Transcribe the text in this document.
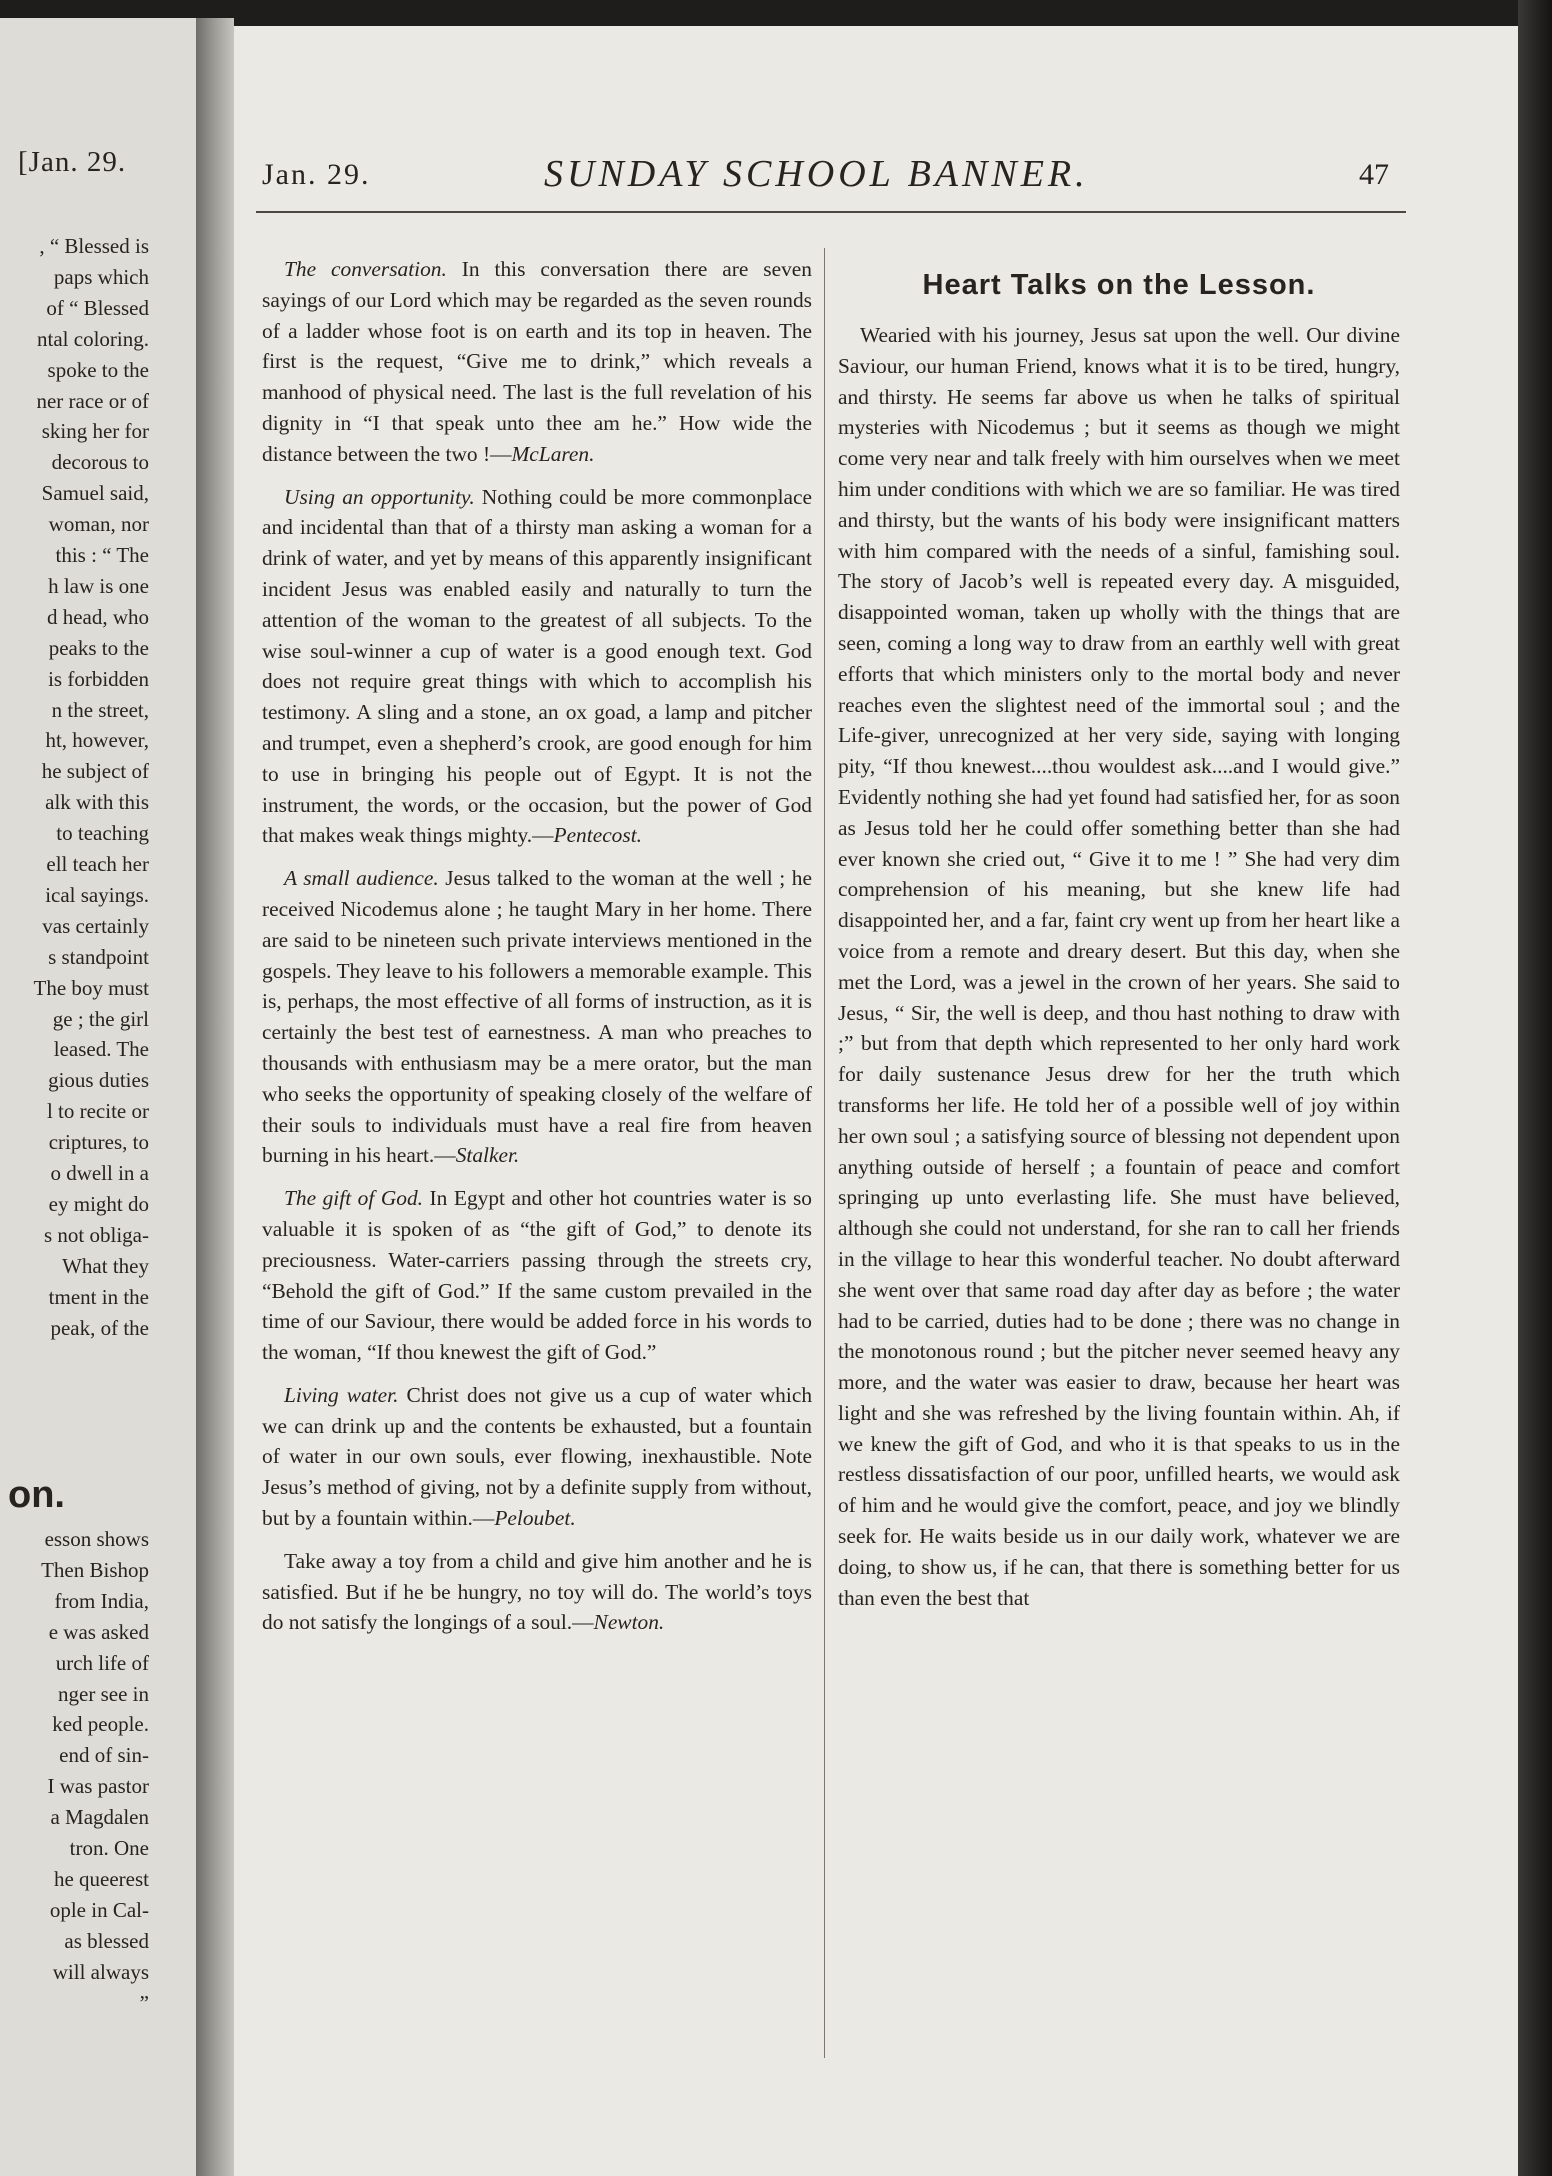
[Jan. 29.
, “ Blessed is
paps which
of “ Blessed
ntal coloring.
spoke to the
ner race or of
sking her for
decorous to
Samuel said,
woman, nor
this : “ The
h law is one
d head, who
peaks to the
is forbidden
n the street,
ht, however,
he subject of
alk with this
to teaching
ell teach her
ical sayings.
vas certainly
s standpoint
The boy must
ge ; the girl
leased. The
gious duties
l to recite or
criptures, to
o dwell in a
ey might do
s not obliga-
What they
tment in the
peak, of the
on.
esson shows
Then Bishop
from India,
e was asked
urch life of
nger see in
ked people.
end of sin-
I was pastor
a Magdalen
tron. One
he queerest
ople in Cal-
as blessed
will always
”
Jan. 29.	SUNDAY SCHOOL BANNER.	47

The conversation. In this conversation there are seven sayings of our Lord which may be regarded as the seven rounds of a ladder whose foot is on earth and its top in heaven. The first is the request, “Give me to drink,” which reveals a manhood of physical need. The last is the full revelation of his dignity in “I that speak unto thee am he.” How wide the distance between the two !—McLaren.

Using an opportunity. Nothing could be more commonplace and incidental than that of a thirsty man asking a woman for a drink of water, and yet by means of this apparently insignificant incident Jesus was enabled easily and naturally to turn the attention of the woman to the greatest of all subjects. To the wise soul-winner a cup of water is a good enough text. God does not require great things with which to accomplish his testimony. A sling and a stone, an ox goad, a lamp and pitcher and trumpet, even a shepherd’s crook, are good enough for him to use in bringing his people out of Egypt. It is not the instrument, the words, or the occasion, but the power of God that makes weak things mighty.—Pentecost.

A small audience. Jesus talked to the woman at the well ; he received Nicodemus alone ; he taught Mary in her home. There are said to be nineteen such private interviews mentioned in the gospels. They leave to his followers a memorable example. This is, perhaps, the most effective of all forms of instruction, as it is certainly the best test of earnestness. A man who preaches to thousands with enthusiasm may be a mere orator, but the man who seeks the opportunity of speaking closely of the welfare of their souls to individuals must have a real fire from heaven burning in his heart.—Stalker.

The gift of God. In Egypt and other hot countries water is so valuable it is spoken of as “the gift of God,” to denote its preciousness. Water-carriers passing through the streets cry, “Behold the gift of God.” If the same custom prevailed in the time of our Saviour, there would be added force in his words to the woman, “If thou knewest the gift of God.”

Living water. Christ does not give us a cup of water which we can drink up and the contents be exhausted, but a fountain of water in our own souls, ever flowing, inexhaustible. Note Jesus’s method of giving, not by a definite supply from without, but by a fountain within.—Peloubet.

Take away a toy from a child and give him another and he is satisfied. But if he be hungry, no toy will do. The world’s toys do not satisfy the longings of a soul.—Newton.

Heart Talks on the Lesson.

Wearied with his journey, Jesus sat upon the well. Our divine Saviour, our human Friend, knows what it is to be tired, hungry, and thirsty. He seems far above us when he talks of spiritual mysteries with Nicodemus ; but it seems as though we might come very near and talk freely with him ourselves when we meet him under conditions with which we are so familiar. He was tired and thirsty, but the wants of his body were insignificant matters with him compared with the needs of a sinful, famishing soul. The story of Jacob’s well is repeated every day. A misguided, disappointed woman, taken up wholly with the things that are seen, coming a long way to draw from an earthly well with great efforts that which ministers only to the mortal body and never reaches even the slightest need of the immortal soul ; and the Life-giver, unrecognized at her very side, saying with longing pity, “If thou knewest....thou wouldest ask....and I would give.” Evidently nothing she had yet found had satisfied her, for as soon as Jesus told her he could offer something better than she had ever known she cried out, “ Give it to me ! ” She had very dim comprehension of his meaning, but she knew life had disappointed her, and a far, faint cry went up from her heart like a voice from a remote and dreary desert. But this day, when she met the Lord, was a jewel in the crown of her years. She said to Jesus, “ Sir, the well is deep, and thou hast nothing to draw with ;” but from that depth which represented to her only hard work for daily sustenance Jesus drew for her the truth which transforms her life. He told her of a possible well of joy within her own soul ; a satisfying source of blessing not dependent upon anything outside of herself ; a fountain of peace and comfort springing up unto everlasting life. She must have believed, although she could not understand, for she ran to call her friends in the village to hear this wonderful teacher. No doubt afterward she went over that same road day after day as before ; the water had to be carried, duties had to be done ; there was no change in the monotonous round ; but the pitcher never seemed heavy any more, and the water was easier to draw, because her heart was light and she was refreshed by the living fountain within. Ah, if we knew the gift of God, and who it is that speaks to us in the restless dissatisfaction of our poor, unfilled hearts, we would ask of him and he would give the comfort, peace, and joy we blindly seek for. He waits beside us in our daily work, whatever we are doing, to show us, if he can, that there is something better for us than even the best that
